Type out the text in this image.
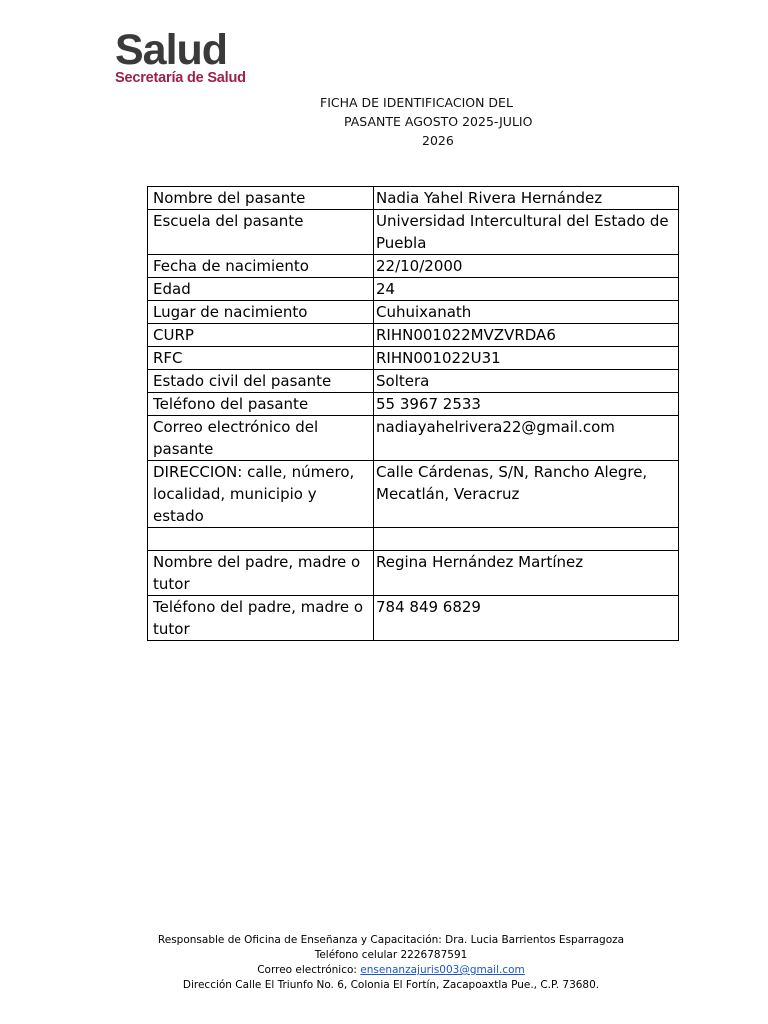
Salud
Secretaría de Salud
FICHA DE IDENTIFICACION DEL
PASANTE AGOSTO 2025-JULIO
2026
Nombre del pasante	Nadia Yahel Rivera Hernández
Escuela del pasante	Universidad Intercultural del Estado de Puebla
Fecha de nacimiento	22/10/2000
Edad	24
Lugar de nacimiento	Cuhuixanath
CURP	RIHN001022MVZVRDA6
RFC	RIHN001022U31
Estado civil del pasante	Soltera
Teléfono del pasante	55 3967 2533
Correo electrónico del pasante	nadiayahelrivera22@gmail.com
DIRECCION: calle, número, localidad, municipio y estado	Calle Cárdenas, S/N, Rancho Alegre, Mecatlán, Veracruz

Nombre del padre, madre o tutor	Regina Hernández Martínez
Teléfono del padre, madre o tutor	784 849 6829
Responsable de Oficina de Enseñanza y Capacitación: Dra. Lucia Barrientos Esparragoza
Teléfono celular 2226787591
Correo electrónico: ensenanzajuris003@gmail.com
Dirección Calle El Triunfo No. 6, Colonia El Fortín, Zacapoaxtla Pue., C.P. 73680.
